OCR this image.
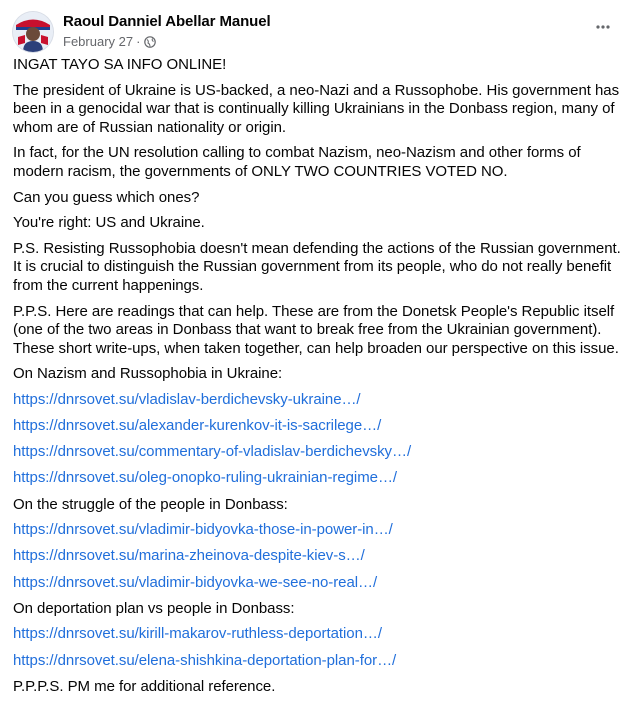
Raoul Danniel Abellar Manuel
February 27 ·

INGAT TAYO SA INFO ONLINE!

The president of Ukraine is US-backed, a neo-Nazi and a Russophobe. His government has been in a genocidal war that is continually killing Ukrainians in the Donbass region, many of whom are of Russian nationality or origin.

In fact, for the UN resolution calling to combat Nazism, neo-Nazism and other forms of modern racism, the governments of ONLY TWO COUNTRIES VOTED NO.

Can you guess which ones?

You're right: US and Ukraine.

P.S. Resisting Russophobia doesn't mean defending the actions of the Russian government. It is crucial to distinguish the Russian government from its people, who do not really benefit from the current happenings.

P.P.S. Here are readings that can help. These are from the Donetsk People's Republic itself (one of the two areas in Donbass that want to break free from the Ukrainian government). These short write-ups, when taken together, can help broaden our perspective on this issue.

On Nazism and Russophobia in Ukraine:

https://dnrsovet.su/vladislav-berdichevsky-ukraine…/
https://dnrsovet.su/alexander-kurenkov-it-is-sacrilege…/
https://dnrsovet.su/commentary-of-vladislav-berdichevsky…/
https://dnrsovet.su/oleg-onopko-ruling-ukrainian-regime…/

On the struggle of the people in Donbass:

https://dnrsovet.su/vladimir-bidyovka-those-in-power-in…/
https://dnrsovet.su/marina-zheinova-despite-kiev-s…/
https://dnrsovet.su/vladimir-bidyovka-we-see-no-real…/

On deportation plan vs people in Donbass:

https://dnrsovet.su/kirill-makarov-ruthless-deportation…/
https://dnrsovet.su/elena-shishkina-deportation-plan-for…/

P.P.P.S. PM me for additional reference.
